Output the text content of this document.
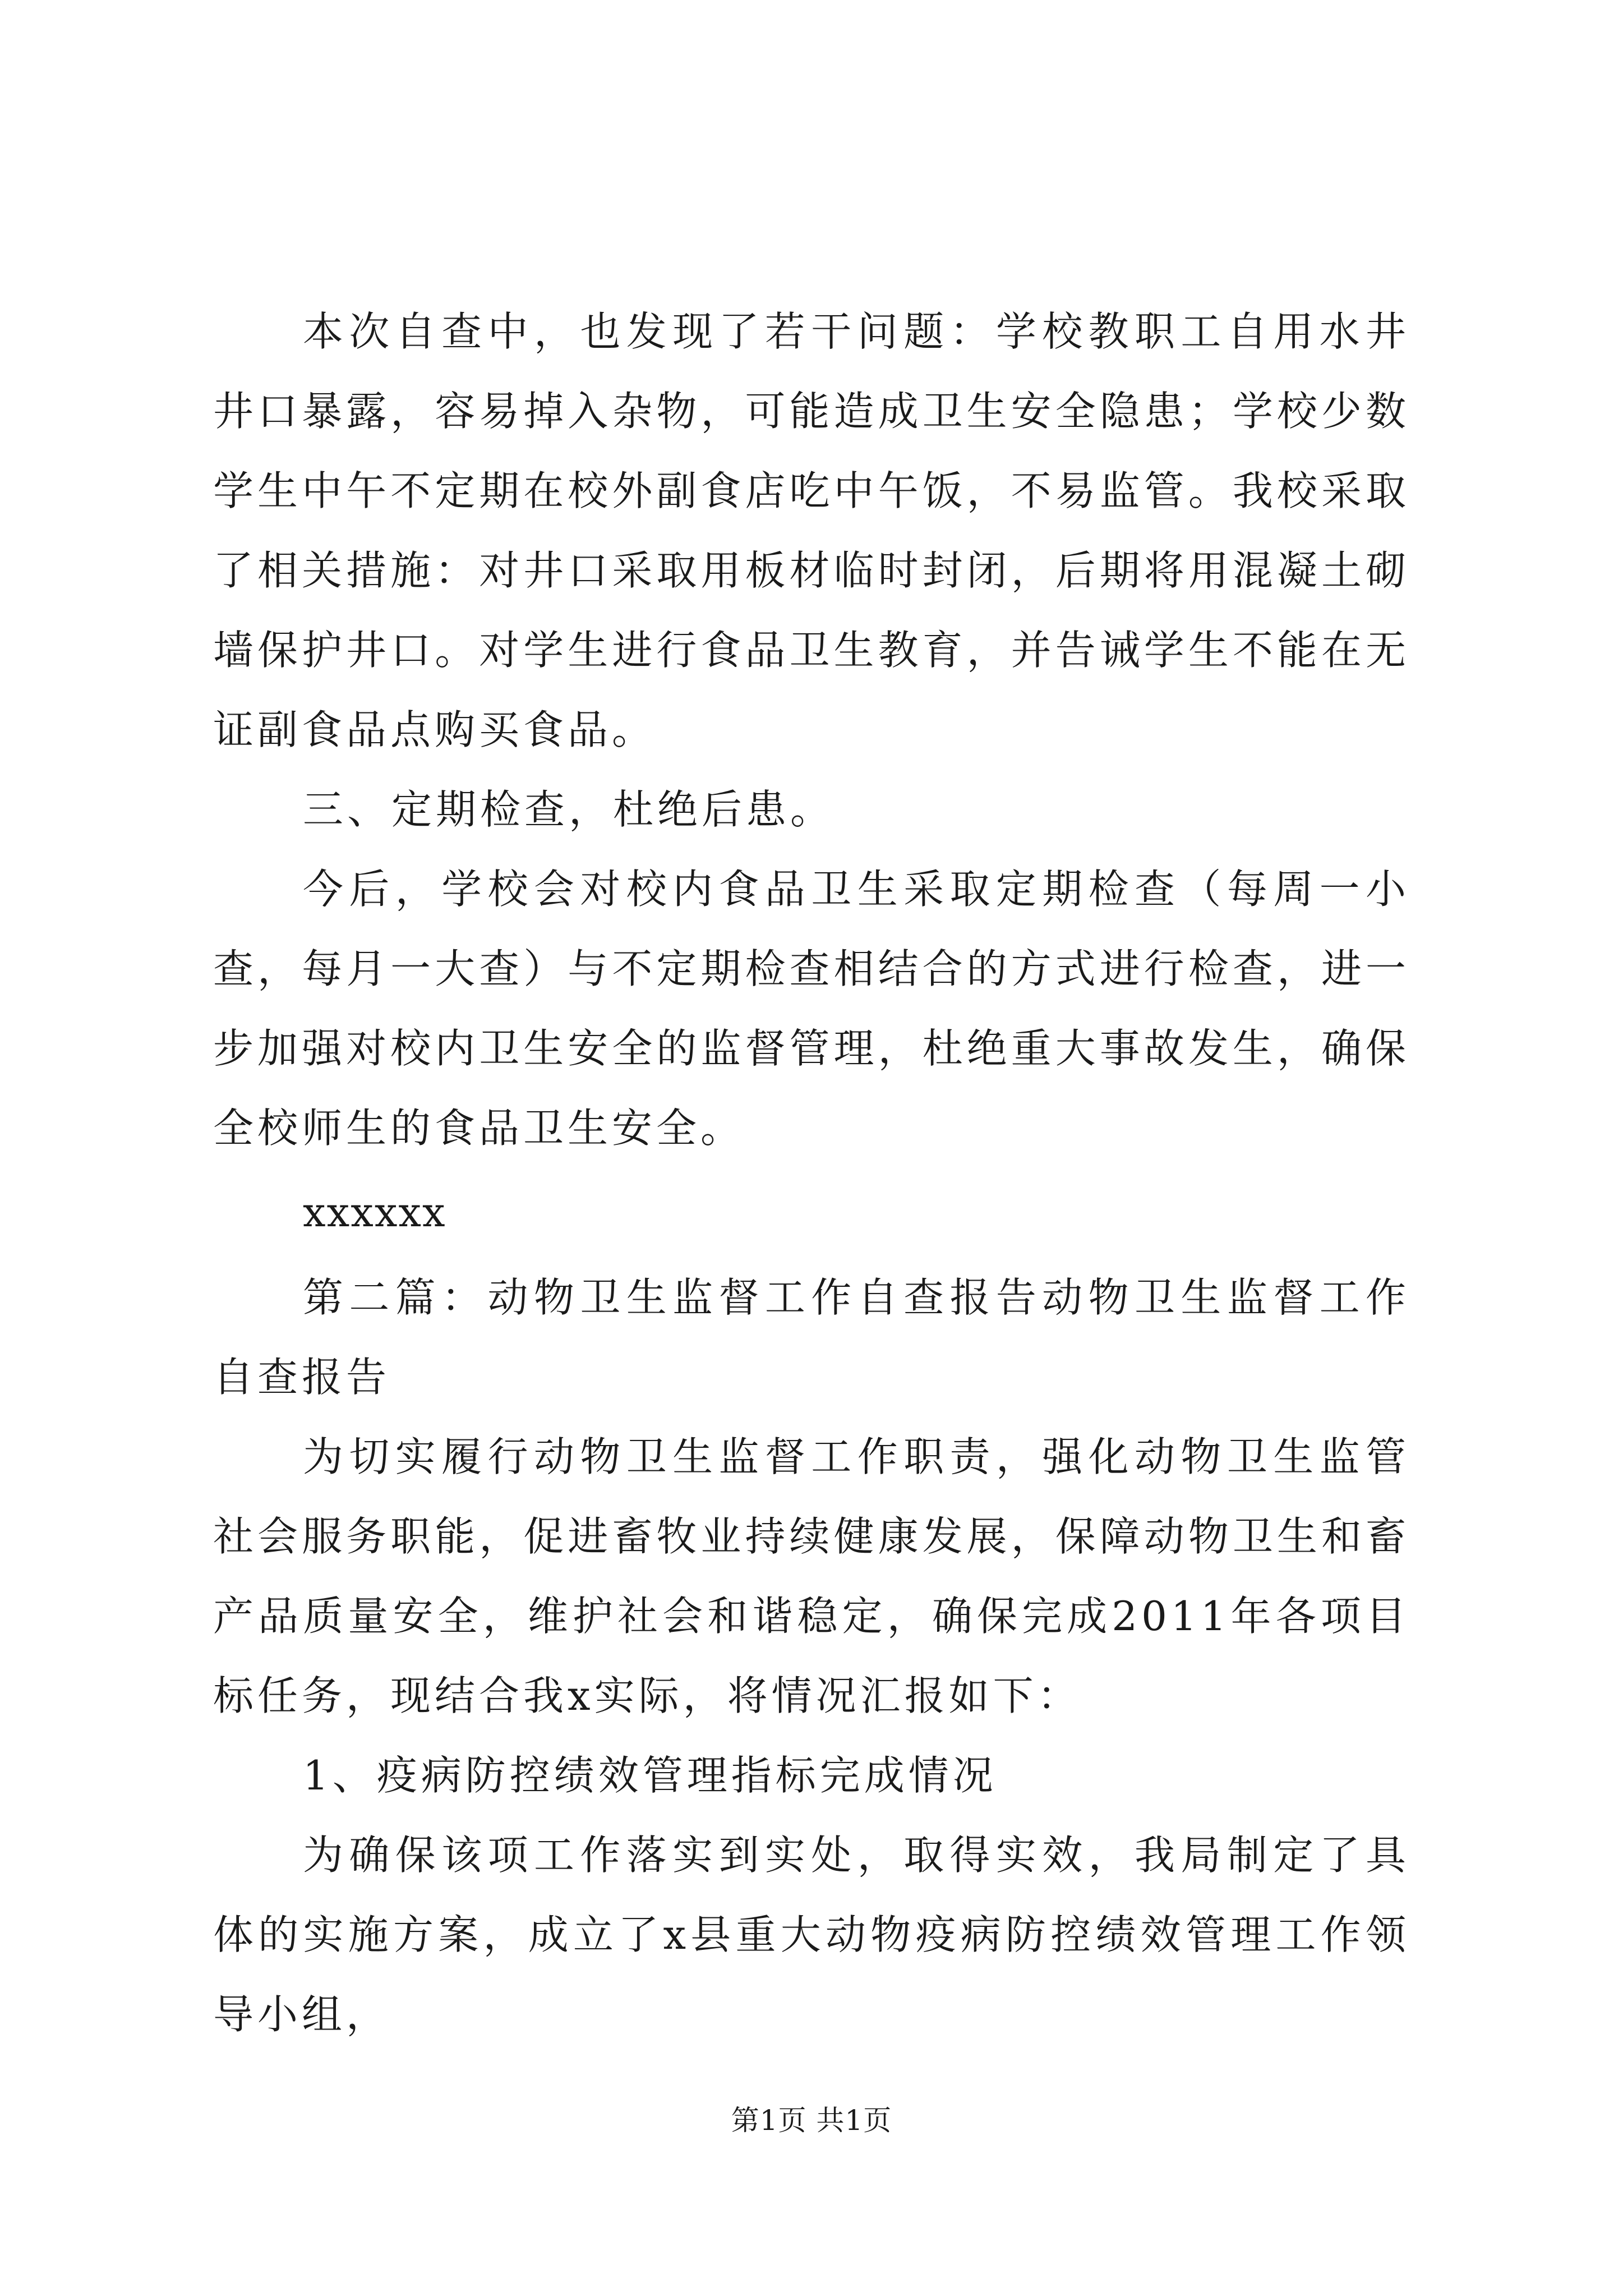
本次自查中，也发现了若干问题：学校教职工自用水井井口暴露，容易掉入杂物，可能造成卫生安全隐患；学校少数学生中午不定期在校外副食店吃中午饭，不易监管。我校采取了相关措施：对井口采取用板材临时封闭，后期将用混凝土砌墙保护井口。对学生进行食品卫生教育，并告诫学生不能在无证副食品点购买食品。

三、定期检查，杜绝后患。

今后，学校会对校内食品卫生采取定期检查（每周一小查，每月一大查）与不定期检查相结合的方式进行检查，进一步加强对校内卫生安全的监督管理，杜绝重大事故发生，确保全校师生的食品卫生安全。

xxxxxx

第二篇：动物卫生监督工作自查报告动物卫生监督工作自查报告

为切实履行动物卫生监督工作职责，强化动物卫生监管社会服务职能，促进畜牧业持续健康发展，保障动物卫生和畜产品质量安全，维护社会和谐稳定，确保完成2011年各项目标任务，现结合我x实际，将情况汇报如下：

1、疫病防控绩效管理指标完成情况

为确保该项工作落实到实处，取得实效，我局制定了具体的实施方案，成立了x县重大动物疫病防控绩效管理工作领导小组，

第1页 共1页
